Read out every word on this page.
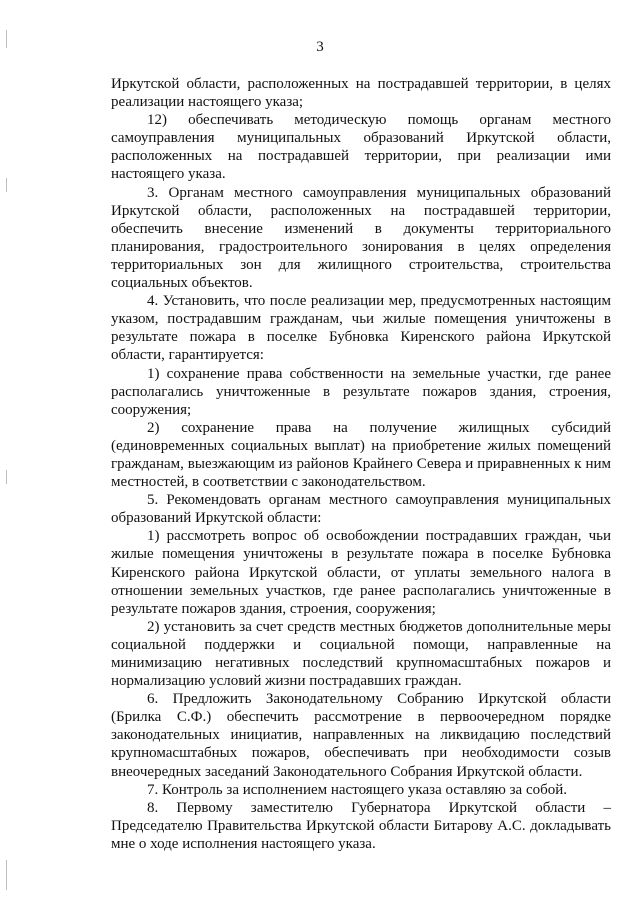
3

Иркутской области, расположенных на пострадавшей территории, в целях реализации настоящего указа;

12) обеспечивать методическую помощь органам местного самоуправления муниципальных образований Иркутской области, расположенных на пострадавшей территории, при реализации ими настоящего указа.

3. Органам местного самоуправления муниципальных образований Иркутской области, расположенных на пострадавшей территории, обеспечить внесение изменений в документы территориального планирования, градостроительного зонирования в целях определения территориальных зон для жилищного строительства, строительства социальных объектов.

4. Установить, что после реализации мер, предусмотренных настоящим указом, пострадавшим гражданам, чьи жилые помещения уничтожены в результате пожара в поселке Бубновка Киренского района Иркутской области, гарантируется:

1) сохранение права собственности на земельные участки, где ранее располагались уничтоженные в результате пожаров здания, строения, сооружения;

2) сохранение права на получение жилищных субсидий (единовременных социальных выплат) на приобретение жилых помещений гражданам, выезжающим из районов Крайнего Севера и приравненных к ним местностей, в соответствии с законодательством.

5. Рекомендовать органам местного самоуправления муниципальных образований Иркутской области:

1) рассмотреть вопрос об освобождении пострадавших граждан, чьи жилые помещения уничтожены в результате пожара в поселке Бубновка Киренского района Иркутской области, от уплаты земельного налога в отношении земельных участков, где ранее располагались уничтоженные в результате пожаров здания, строения, сооружения;

2) установить за счет средств местных бюджетов дополнительные меры социальной поддержки и социальной помощи, направленные на минимизацию негативных последствий крупномасштабных пожаров и нормализацию условий жизни пострадавших граждан.

6. Предложить Законодательному Собранию Иркутской области (Брилка С.Ф.) обеспечить рассмотрение в первоочередном порядке законодательных инициатив, направленных на ликвидацию последствий крупномасштабных пожаров, обеспечивать при необходимости созыв внеочередных заседаний Законодательного Собрания Иркутской области.

7. Контроль за исполнением настоящего указа оставляю за собой.

8. Первому заместителю Губернатора Иркутской области – Председателю Правительства Иркутской области Битарову А.С. докладывать мне о ходе исполнения настоящего указа.
